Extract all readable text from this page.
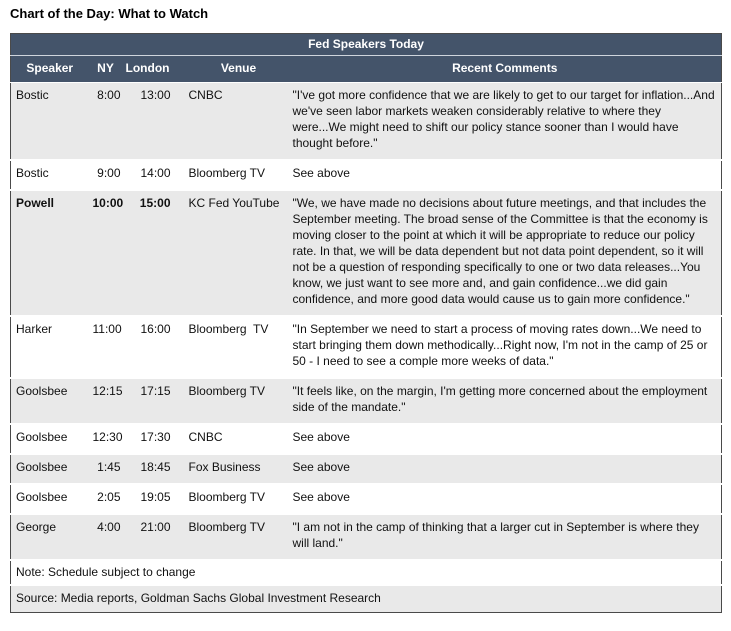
Chart of the Day: What to Watch
Fed Speakers Today				
Speaker	NY	London	Venue	Recent Comments
Bostic	8:00	13:00	CNBC	"I've got more confidence that we are likely to get to our target for inflation...And we've seen labor markets weaken considerably relative to where they were...We might need to shift our policy stance sooner than I would have thought before."
Bostic	9:00	14:00	Bloomberg TV	See above
Powell	10:00	15:00	KC Fed YouTube	"We, we have made no decisions about future meetings, and that includes the September meeting. The broad sense of the Committee is that the economy is moving closer to the point at which it will be appropriate to reduce our policy rate. In that, we will be data dependent but not data point dependent, so it will not be a question of responding specifically to one or two data releases...You know, we just want to see more and, and gain confidence...we did gain confidence, and more good data would cause us to gain more confidence."
Harker	11:00	16:00	Bloomberg  TV	"In September we need to start a process of moving rates down...We need to start bringing them down methodically...Right now, I'm not in the camp of 25 or 50 - I need to see a comple more weeks of data."
Goolsbee	12:15	17:15	Bloomberg TV	"It feels like, on the margin, I'm getting more concerned about the employment side of the mandate."
Goolsbee	12:30	17:30	CNBC	See above
Goolsbee	1:45	18:45	Fox Business	See above
Goolsbee	2:05	19:05	Bloomberg TV	See above
George	4:00	21:00	Bloomberg TV	"I am not in the camp of thinking that a larger cut in September is where they will land."
Note: Schedule subject to change				
Source: Media reports, Goldman Sachs Global Investment Research				
